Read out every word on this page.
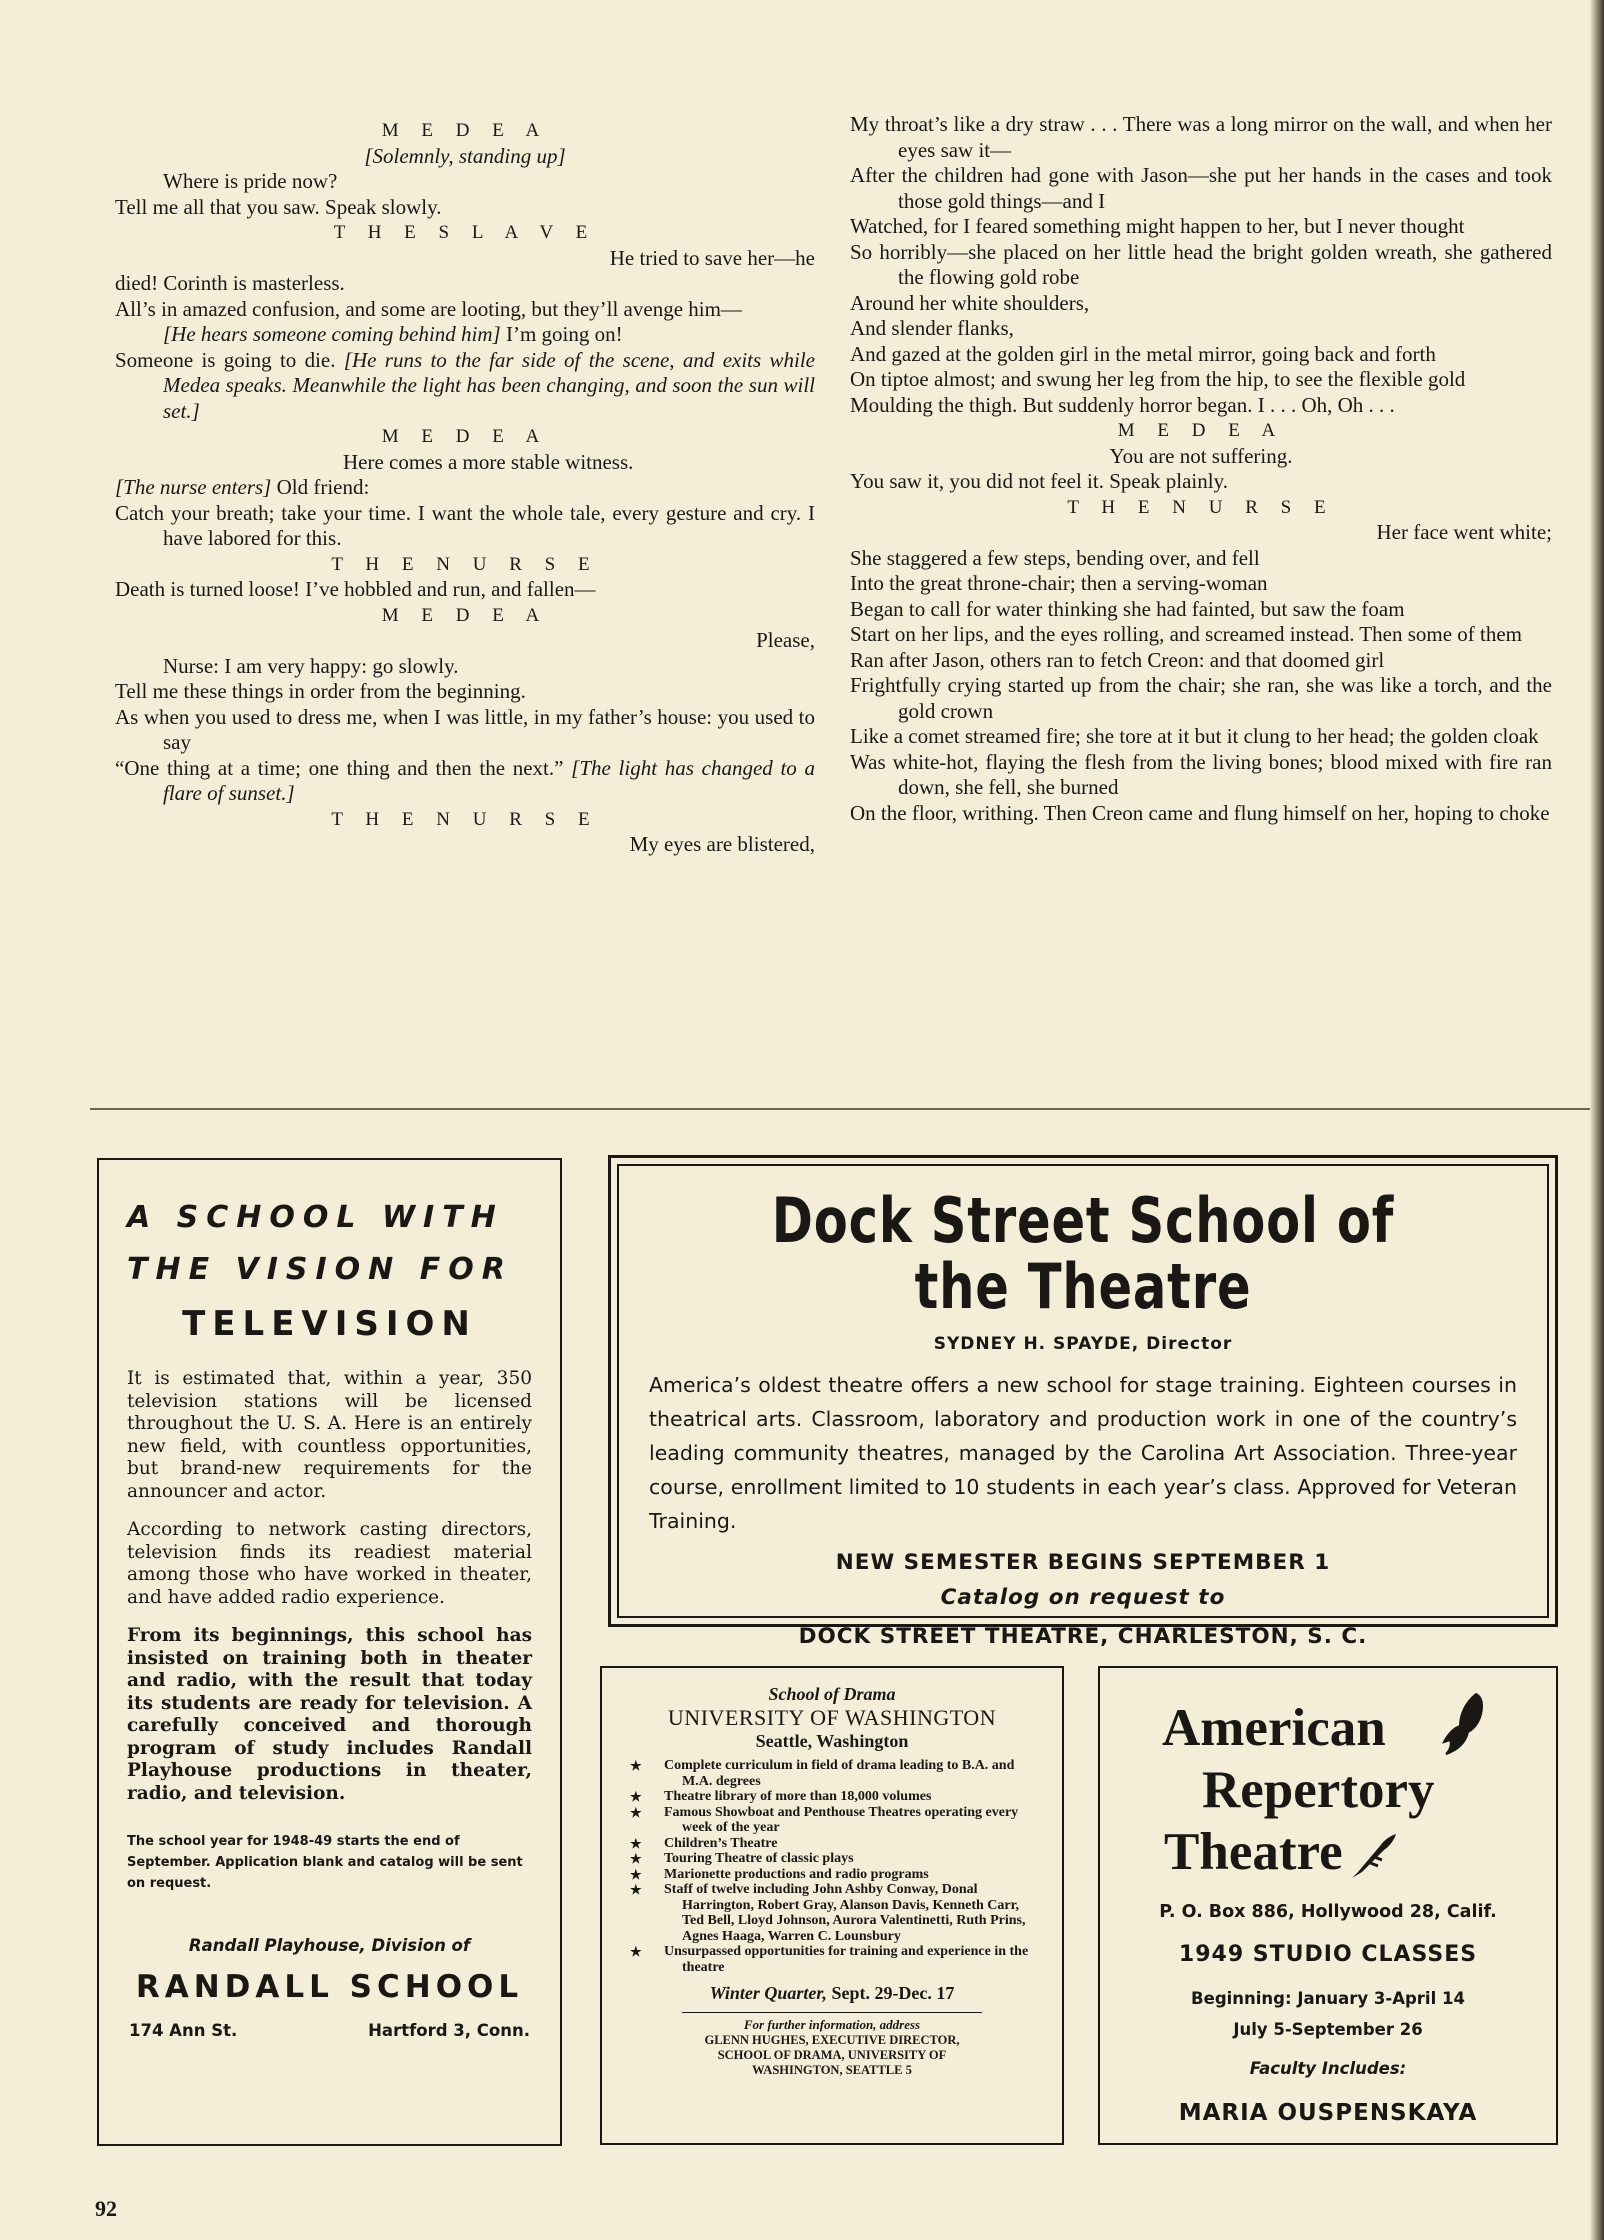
M E D E A

[Solemnly, standing up]

Where is pride now?

Tell me all that you saw. Speak slowly.

T H E S L A V E

He tried to save her—he

died! Corinth is masterless.

All’s in amazed confusion, and some are looting, but they’ll avenge him—

[He hears someone coming behind him] I’m going on!

Someone is going to die. [He runs to the far side of the scene, and exits while Medea speaks. Meanwhile the light has been changing, and soon the sun will set.]

M E D E A

Here comes a more stable witness.

[The nurse enters] Old friend:

Catch your breath; take your time. I want the whole tale, every gesture and cry. I have labored for this.

T H E N U R S E

Death is turned loose! I’ve hobbled and run, and fallen—

M E D E A

Please,

Nurse: I am very happy: go slowly.

Tell me these things in order from the beginning.

As when you used to dress me, when I was little, in my father’s house: you used to say

“One thing at a time; one thing and then the next.” [The light has changed to a flare of sunset.]

T H E N U R S E

My eyes are blistered,

My throat’s like a dry straw . . . There was a long mirror on the wall, and when her eyes saw it—

After the children had gone with Jason—she put her hands in the cases and took those gold things—and I

Watched, for I feared something might happen to her, but I never thought

So horribly—she placed on her little head the bright golden wreath, she gathered the flowing gold robe

Around her white shoulders,

And slender flanks,

And gazed at the golden girl in the metal mirror, going back and forth

On tiptoe almost; and swung her leg from the hip, to see the flexible gold

Moulding the thigh. But suddenly horror began. I . . . Oh, Oh . . .

M E D E A

You are not suffering.

You saw it, you did not feel it. Speak plainly.

T H E N U R S E

Her face went white;

She staggered a few steps, bending over, and fell

Into the great throne-chair; then a serving-woman

Began to call for water thinking she had fainted, but saw the foam

Start on her lips, and the eyes rolling, and screamed instead. Then some of them

Ran after Jason, others ran to fetch Creon: and that doomed girl

Frightfully crying started up from the chair; she ran, she was like a torch, and the gold crown

Like a comet streamed fire; she tore at it but it clung to her head; the golden cloak

Was white-hot, flaying the flesh from the living bones; blood mixed with fire ran down, she fell, she burned

On the floor, writhing. Then Creon came and flung himself on her, hoping to choke

A SCHOOL WITH
THE VISION FOR
TELEVISION

It is estimated that, within a year, 350 television stations will be licensed throughout the U. S. A. Here is an entirely new field, with countless opportunities, but brand-new requirements for the announcer and actor.

According to network casting directors, television finds its readiest material among those who have worked in theater, and have added radio experience.

From its beginnings, this school has insisted on training both in theater and radio, with the result that today its students are ready for television. A carefully conceived and thorough program of study includes Randall Playhouse productions in theater, radio, and television.

The school year for 1948-49 starts the end of September. Application blank and catalog will be sent on request.
Randall Playhouse, Division of
RANDALL SCHOOL
174 Ann St.	Hartford 3, Conn.
Dock Street School of the Theatre
SYDNEY H. SPAYDE, Director
America’s oldest theatre offers a new school for stage training. Eighteen courses in theatrical arts. Classroom, laboratory and production work in one of the country’s leading community theatres, managed by the Carolina Art Association. Three-year course, enrollment limited to 10 students in each year’s class. Approved for Veteran Training.
NEW SEMESTER BEGINS SEPTEMBER 1
Catalog on request to
DOCK STREET THEATRE, CHARLESTON, S. C.
School of Drama
UNIVERSITY OF WASHINGTON
Seattle, Washington
★ Complete curriculum in field of drama leading to B.A. and M.A. degrees
★ Theatre library of more than 18,000 volumes
★ Famous Showboat and Penthouse Theatres operating every week of the year
★ Children’s Theatre
★ Touring Theatre of classic plays
★ Marionette productions and radio programs
★ Staff of twelve including John Ashby Conway, Donal Harrington, Robert Gray, Alanson Davis, Kenneth Carr, Ted Bell, Lloyd Johnson, Aurora Valentinetti, Ruth Prins, Agnes Haaga, Warren C. Lounsbury
★ Unsurpassed opportunities for training and experience in the theatre
Winter Quarter, Sept. 29-Dec. 17
For further information, address
GLENN HUGHES, EXECUTIVE DIRECTOR,
SCHOOL OF DRAMA, UNIVERSITY OF
WASHINGTON, SEATTLE 5
American
Repertory
Theatre
P. O. Box 886, Hollywood 28, Calif.
1949 STUDIO CLASSES
Beginning: January 3-April 14
July 5-September 26
Faculty Includes:
MARIA OUSPENSKAYA
92
